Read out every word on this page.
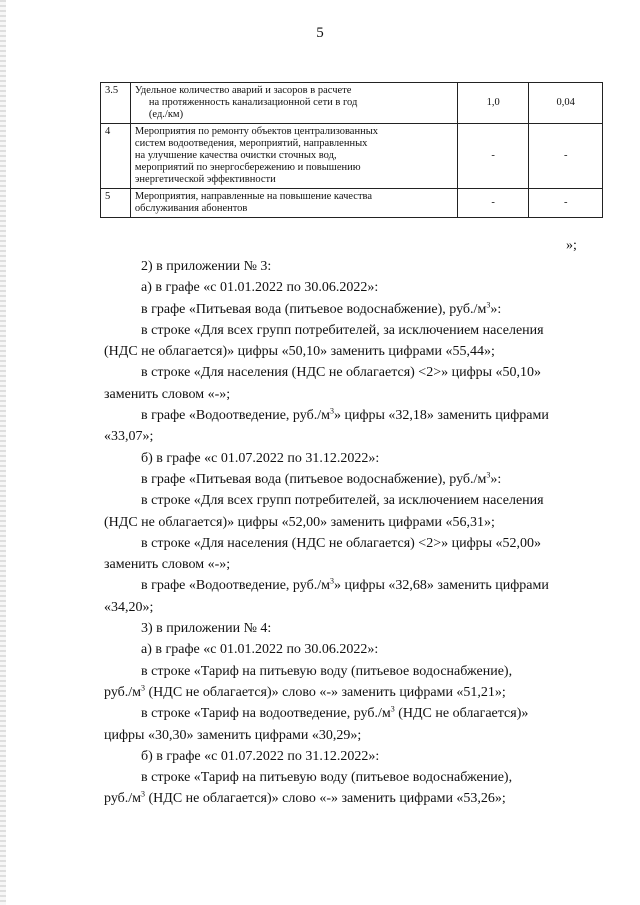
5
3.5	Удельное количество аварий и засоров в расчете

на протяженность канализационной сети в год
(ед./км)	1,0	0,04
4	Мероприятия по ремонту объектов централизованных
систем водоотведения, мероприятий, направленных
на улучшение качества очистки сточных вод,
мероприятий по энергосбережению и повышению
энергетической эффективности	-	-
5	Мероприятия, направленные на повышение качества
обслуживания абонентов	-	-
»;

2) в приложении № 3:

а) в графе «с 01.01.2022 по 30.06.2022»:

в графе «Питьевая вода (питьевое водоснабжение), $руб./м^3$»:

в строке «Для всех групп потребителей, за исключением населения

(НДС не облагается)» цифры «50,10» заменить цифрами «55,44»;

в строке «Для населения (НДС не облагается) <2>» цифры «50,10»

заменить словом «-»;

в графе «Водоотведение, $руб./м^3$» цифры «32,18» заменить цифрами

«33,07»;

б) в графе «с 01.07.2022 по 31.12.2022»:

в графе «Питьевая вода (питьевое водоснабжение), $руб./м^3$»:

в строке «Для всех групп потребителей, за исключением населения

(НДС не облагается)» цифры «52,00» заменить цифрами «56,31»;

в строке «Для населения (НДС не облагается) <2>» цифры «52,00»

заменить словом «-»;

в графе «Водоотведение, $руб./м^3$» цифры «32,68» заменить цифрами

«34,20»;

3) в приложении № 4:

а) в графе «с 01.01.2022 по 30.06.2022»:

в строке «Тариф на питьевую воду (питьевое водоснабжение),

$руб./м^3$ (НДС не облагается)» слово «-» заменить цифрами «51,21»;

в строке «Тариф на водоотведение, $руб./м^3$ (НДС не облагается)»

цифры «30,30» заменить цифрами «30,29»;

б) в графе «с 01.07.2022 по 31.12.2022»:

в строке «Тариф на питьевую воду (питьевое водоснабжение),

$руб./м^3$ (НДС не облагается)» слово «-» заменить цифрами «53,26»;
